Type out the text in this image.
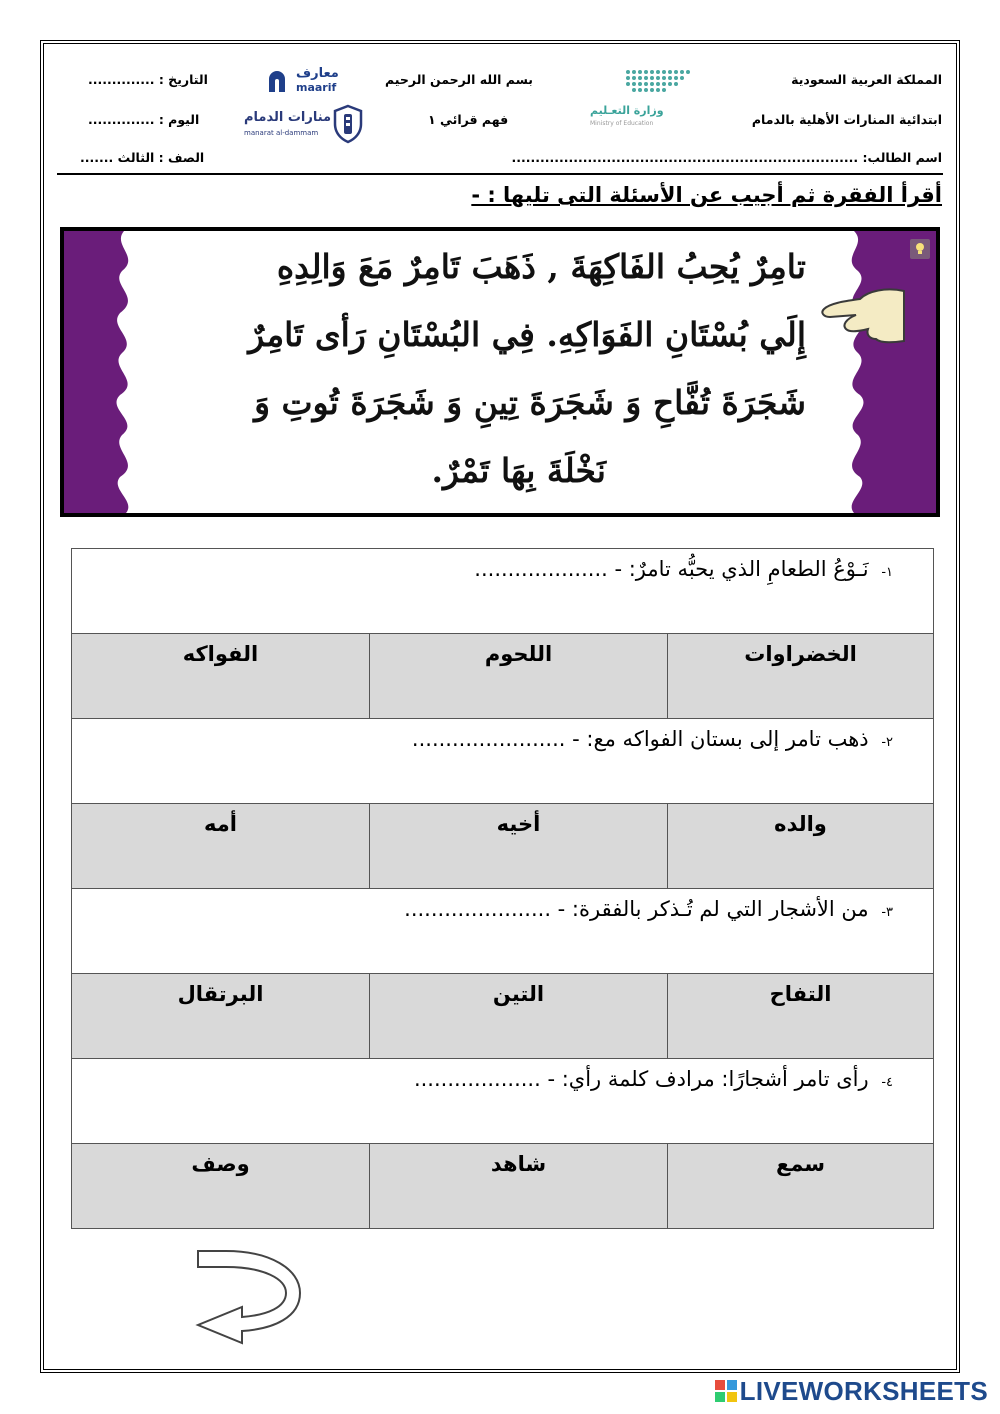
المملكة العربية السعودية
ابتدائية المنارات الأهلية بالدمام
اسم الطالب: .........................................................................
وزارة التعـليم
Ministry of Education
بسم الله الرحمن الرحيم
فهم قرائي ١
معارف
maarif
منارات الدمام
manarat al-dammam
التاريخ : ..............
اليوم : ..............
الصف : الثالث .......
أقرأ الفقرة ثم أجيب عن الأسئلة التى تليها : -
تامِرٌ يُحِبُ الفَاكِهَةَ , ذَهَبَ تَامِرٌ مَعَ وَالِدِهِ
إِلَي بُسْتَانِ الفَوَاكِهِ. فِي البُسْتَانِ رَأى تَامِرٌ
شَجَرَةَ تُفَّاحِ وَ شَجَرَةَ تِينِ وَ شَجَرَةَ تُوتِ وَ
نَخْلَةَ بِهَا تَمْرٌ.
١- نَـوْعُ الطعامِ الذي يحبُّه تامرٌ: - ....................		

الفواكه	اللحوم	الخضراوات

٢- ذهب تامر إلى بستان الفواكه مع: - .......................		

أمه	أخيه	والده

٣- من الأشجار التي لم تُـذكر بالفقرة: - ......................		

البرتقال	التين	التفاح

٤- رأى تامر أشجارًا: مرادف كلمة رأي: - ...................		

وصف	شاهد	سمع
LIVEWORKSHEETS
